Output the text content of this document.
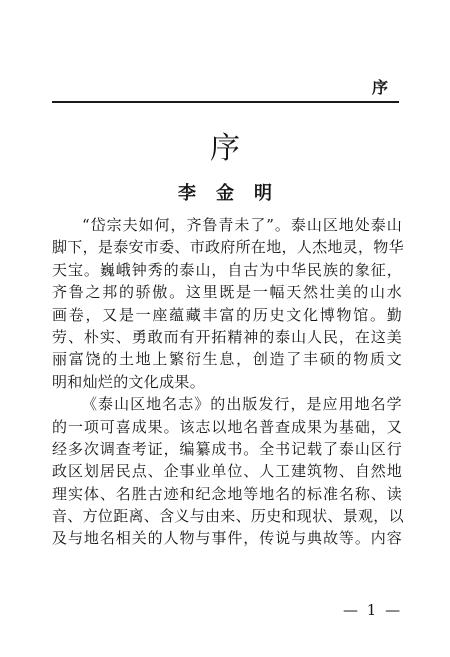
序
序
李金明
“岱宗夫如何，齐鲁青未了”。泰山区地处泰山
脚下，是泰安市委、市政府所在地，人杰地灵，物华
天宝。巍峨钟秀的泰山，自古为中华民族的象征，
齐鲁之邦的骄傲。这里既是一幅天然壮美的山水
画卷，又是一座蕴藏丰富的历史文化博物馆。勤
劳、朴实、勇敢而有开拓精神的泰山人民，在这美
丽富饶的土地上繁衍生息，创造了丰硕的物质文
明和灿烂的文化成果。
《泰山区地名志》的出版发行，是应用地名学
的一项可喜成果。该志以地名普查成果为基础，又
经多次调查考证，编纂成书。全书记载了泰山区行
政区划居民点、企事业单位、人工建筑物、自然地
理实体、名胜古迹和纪念地等地名的标准名称、读
音、方位距离、含义与由来、历史和现状、景观，以
及与地名相关的人物与事件，传说与典故等。内容
— 1 —
